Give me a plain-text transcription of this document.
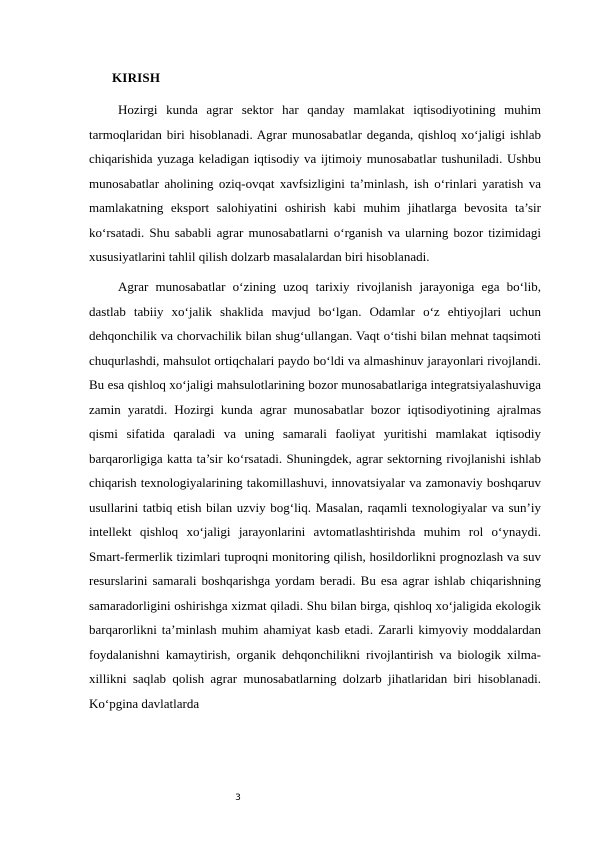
KIRISH

Hozirgi kunda agrar sektor har qanday mamlakat iqtisodiyotining muhim tarmoqlaridan biri hisoblanadi. Agrar munosabatlar deganda, qishloq xo‘jaligi ishlab chiqarishida yuzaga keladigan iqtisodiy va ijtimoiy munosabatlar tushuniladi. Ushbu munosabatlar aholining oziq-ovqat xavfsizligini ta’minlash, ish o‘rinlari yaratish va mamlakatning eksport salohiyatini oshirish kabi muhim jihatlarga bevosita ta’sir ko‘rsatadi. Shu sababli agrar munosabatlarni o‘rganish va ularning bozor tizimidagi xususiyatlarini tahlil qilish dolzarb masalalardan biri hisoblanadi.

Agrar munosabatlar o‘zining uzoq tarixiy rivojlanish jarayoniga ega bo‘lib, dastlab tabiiy xo‘jalik shaklida mavjud bo‘lgan. Odamlar o‘z ehtiyojlari uchun dehqonchilik va chorvachilik bilan shug‘ullangan. Vaqt o‘tishi bilan mehnat taqsimoti chuqurlashdi, mahsulot ortiqchalari paydo bo‘ldi va almashinuv jarayonlari rivojlandi. Bu esa qishloq xo‘jaligi mahsulotlarining bozor munosabatlariga integratsiyalashuviga zamin yaratdi. Hozirgi kunda agrar munosabatlar bozor iqtisodiyotining ajralmas qismi sifatida qaraladi va uning samarali faoliyat yuritishi mamlakat iqtisodiy barqarorligiga katta ta’sir ko‘rsatadi. Shuningdek, agrar sektorning rivojlanishi ishlab chiqarish texnologiyalarining takomillashuvi, innovatsiyalar va zamonaviy boshqaruv usullarini tatbiq etish bilan uzviy bog‘liq. Masalan, raqamli texnologiyalar va sun’iy intellekt qishloq xo‘jaligi jarayonlarini avtomatlashtirishda muhim rol o‘ynaydi. Smart-fermerlik tizimlari tuproqni monitoring qilish, hosildorlikni prognozlash va suv resurslarini samarali boshqarishga yordam beradi. Bu esa agrar ishlab chiqarishning samaradorligini oshirishga xizmat qiladi. Shu bilan birga, qishloq xo‘jaligida ekologik barqarorlikni ta’minlash muhim ahamiyat kasb etadi. Zararli kimyoviy moddalardan foydalanishni kamaytirish, organik dehqonchilikni rivojlantirish va biologik xilma-xillikni saqlab qolish agrar munosabatlarning dolzarb jihatlaridan biri hisoblanadi. Ko‘pgina davlatlarda

3
